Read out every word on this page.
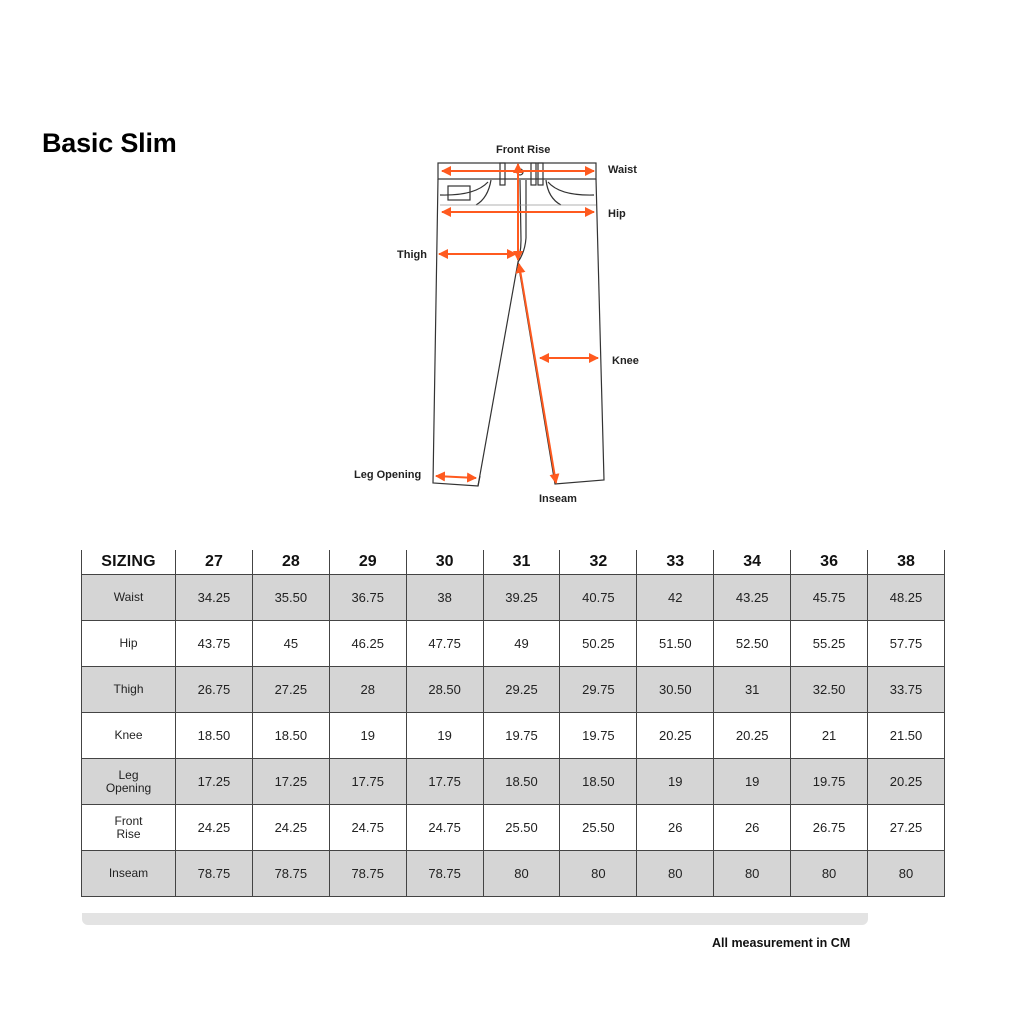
Basic Slim	Front Rise
Waist
Hip
Thigh
Knee
Leg Opening
Inseam
SIZING	27	28	29	30	31	32	33	34	36	38
Waist	34.25	35.50	36.75	38	39.25	40.75	42	43.25	45.75	48.25
Hip	43.75	45	46.25	47.75	49	50.25	51.50	52.50	55.25	57.75
Thigh	26.75	27.25	28	28.50	29.25	29.75	30.50	31	32.50	33.75
Knee	18.50	18.50	19	19	19.75	19.75	20.25	20.25	21	21.50
Leg
Opening	17.25	17.25	17.75	17.75	18.50	18.50	19	19	19.75	20.25
Front
Rise	24.25	24.25	24.75	24.75	25.50	25.50	26	26	26.75	27.25
Inseam	78.75	78.75	78.75	78.75	80	80	80	80	80	80
All measurement in CM
